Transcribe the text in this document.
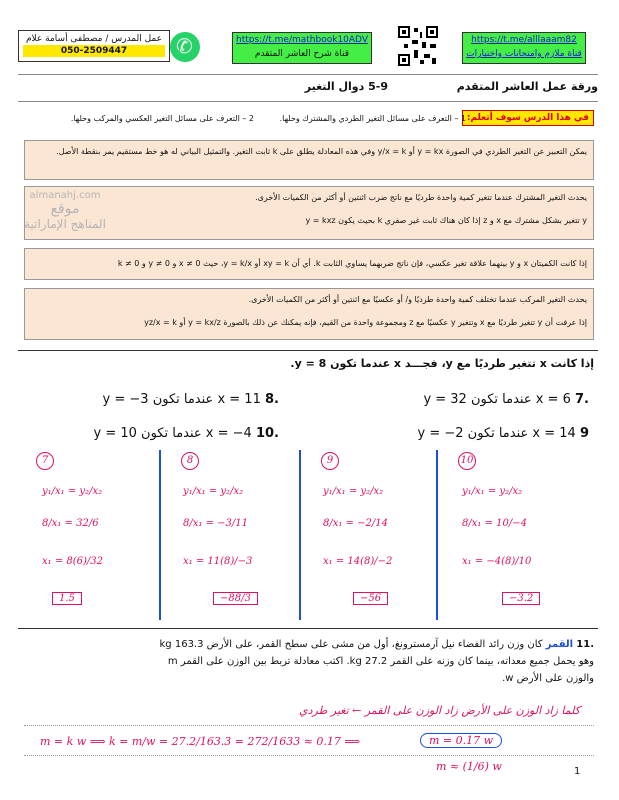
عمل المدرس / مصطفى أسامة علام
050-2509447
✆
https://t.me/mathbook10ADV
قناة شرح العاشر المتقدم
https://t.me/alllaaam82
قناة ملازم وامتحانات واختبارات
ورقة عمل العاشر المتقدم
5-9 دوال التغير
في هذا الدرس سوف أتعلم:
1 – التعرف على مسائل التغير الطردي والمشترك وحلها.
2 – التعرف على مسائل التغير العكسي والمركب وحلها.
يمكن التعبير عن التغير الطردي في الصورة y = kx أو y/x = k وفي هذه المعادلة يطلق على k ثابت التغير. والتمثيل البياني له هو خط مستقيم يمر بنقطة الأصل.
يحدث التغير المشترك عندما تتغير كمية واحدة طرديًا مع ناتج ضرب اثنتين أو أكثر من الكميات الأخرى.
y تتغير بشكل مشترك مع x و z إذا كان هناك ثابت غير صفري k بحيث يكون y = kxz
إذا كانت الكميتان x و y بينهما علاقة تغير عكسي، فإن ناتج ضربهما يساوي الثابت k. أي أن xy = k أو y = k/x، حيث x ≠ 0 و y ≠ 0 و k ≠ 0
يحدث التغير المركب عندما تختلف كمية واحدة طرديًا و/ أو عكسيًا مع اثنتين أو أكثر من الكميات الأخرى.
إذا عرفت أن y تتغير طرديًا مع x وتتغير y عكسيًا مع z ومجموعة واحدة من القيم، فإنه يمكنك عن ذلك بالصورة y = kx/z أو yz/x = k
almanahj.com
موقع
المناهج الإماراتية
إذا كانت x تتغير طرديًا مع y، فجـــد x عندما تكون y = 8.
.7 x = 6 عندما تكون y = 32
.8 x = 11 عندما تكون y = −3
9 x = 14 عندما تكون y = −2
.10 x = −4 عندما تكون y = 10
7
y₁/x₁ = y₂/x₂
8/x₁ = 32/6
x₁ = 8(6)/32
1.5
8
y₁/x₁ = y₂/x₂
8/x₁ = −3/11
x₁ = 11(8)/−3
−88/3
9
y₁/x₁ = y₂/x₂
8/x₁ = −2/14
x₁ = 14(8)/−2
−56
10
y₁/x₁ = y₂/x₂
8/x₁ = 10/−4
x₁ = −4(8)/10
−3.2
.11 القمر كان وزن رائد الفضاء نيل آرمسترونغ، أول من مشى على سطح القمر، على الأرض 163.3 kg
وهو يحمل جميع معداته، بينما كان وزنه على القمر 27.2 kg. اكتب معادلة تربط بين الوزن على القمر m
والوزن على الأرض w.
كلما زاد الوزن على الأرض زاد الوزن على القمر ← تغير طردي
m = k w ⟹ k = m/w = 27.2/163.3 = 272/1633 ≈ 0.17 ⟹	m = 0.17 w
m ≈ (1/6) w	1
